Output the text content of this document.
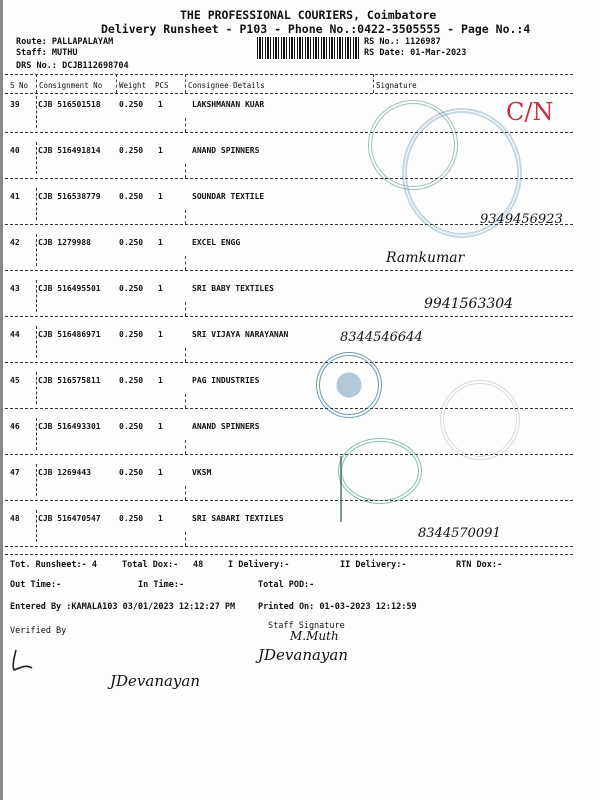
THE PROFESSIONAL COURIERS, Coimbatore
Delivery Runsheet - P103 - Phone No.:0422-3505555 - Page No.:4
Route: PALLAPALAYAM
Staff: MUTHU
DRS No.: DCJB112698704
RS No.: 1126987
RS Date: 01-Mar-2023
S No Consignment No Weight PCS	Consignee Details	Signature
39 CJB 516501518 0.250 1	LAKSHMANAN KUAR
40 CJB 516491814 0.250 1	ANAND SPINNERS
41 CJB 516538779 0.250 1	SOUNDAR TEXTILE
42 CJB 1279988	0.250 1	EXCEL ENGG
43 CJB 516495501 0.250 1	SRI BABY TEXTILES
44 CJB 516486971 0.250 1	SRI VIJAYA NARAYANAN
45 CJB 516575811 0.250 1	PAG INDUSTRIES
46 CJB 516493301 0.250 1	ANAND SPINNERS
47 CJB 1269443	0.250 1	VKSM
48 CJB 516470547 0.250 1	SRI SABARI TEXTILES
C/N
9349456923
Ramkumar
9941563304
8344546644
8344570091
Tot. Runsheet:- 4	Total Dox:- 48	I Delivery:-	II Delivery:-	RTN Dox:-
Out Time:-	In Time:-	Total POD:-
Entered By :KAMALA103 03/01/2023 12:12:27 PM	Printed On: 01-03-2023 12:12:59
Verified By	Staff Signature
M.Muth
JDevanayan
JDevanayan
